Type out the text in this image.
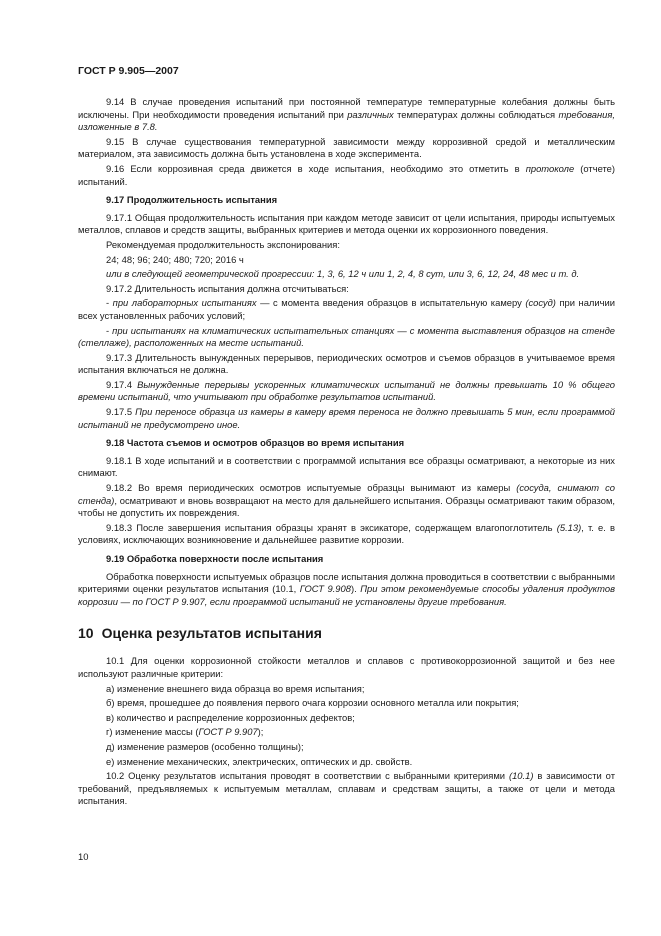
ГОСТ Р 9.905—2007

9.14 В случае проведения испытаний при постоянной температуре температурные колебания должны быть исключены. При необходимости проведения испытаний при различных температурах должны соблюдаться требования, изложенные в 7.8.

9.15 В случае существования температурной зависимости между коррозивной средой и металлическим материалом, эта зависимость должна быть установлена в ходе эксперимента.

9.16 Если коррозивная среда движется в ходе испытания, необходимо это отметить в протоколе (отчете) испытаний.

9.17 Продолжительность испытания

9.17.1 Общая продолжительность испытания при каждом методе зависит от цели испытания, природы испытуемых металлов, сплавов и средств защиты, выбранных критериев и метода оценки их коррозионного поведения.

Рекомендуемая продолжительность экспонирования:

24; 48; 96; 240; 480; 720; 2016 ч

или в следующей геометрической прогрессии: 1, 3, 6, 12 ч или 1, 2, 4, 8 сут, или 3, 6, 12, 24, 48 мес и т. д.

9.17.2 Длительность испытания должна отсчитываться:

- при лабораторных испытаниях — с момента введения образцов в испытательную камеру (сосуд) при наличии всех установленных рабочих условий;

- при испытаниях на климатических испытательных станциях — с момента выставления образцов на стенде (стеллаже), расположенных на месте испытаний.

9.17.3 Длительность вынужденных перерывов, периодических осмотров и съемов образцов в учитываемое время испытания включаться не должна.

9.17.4 Вынужденные перерывы ускоренных климатических испытаний не должны превышать 10 % общего времени испытаний, что учитывают при обработке результатов испытаний.

9.17.5 При переносе образца из камеры в камеру время переноса не должно превышать 5 мин, если программой испытаний не предусмотрено иное.

9.18 Частота съемов и осмотров образцов во время испытания

9.18.1 В ходе испытаний и в соответствии с программой испытания все образцы осматривают, а некоторые из них снимают.

9.18.2 Во время периодических осмотров испытуемые образцы вынимают из камеры (сосуда, снимают со стенда), осматривают и вновь возвращают на место для дальнейшего испытания. Образцы осматривают таким образом, чтобы не допустить их повреждения.

9.18.3 После завершения испытания образцы хранят в эксикаторе, содержащем влагопоглотитель (5.13), т. е. в условиях, исключающих возникновение и дальнейшее развитие коррозии.

9.19 Обработка поверхности после испытания

Обработка поверхности испытуемых образцов после испытания должна проводиться в соответствии с выбранными критериями оценки результатов испытания (10.1, ГОСТ 9.908). При этом рекомендуемые способы удаления продуктов коррозии — по ГОСТ Р 9.907, если программой испытаний не установлены другие требования.

10 Оценка результатов испытания

10.1 Для оценки коррозионной стойкости металлов и сплавов с противокоррозионной защитой и без нее используют различные критерии:

а) изменение внешнего вида образца во время испытания;

б) время, прошедшее до появления первого очага коррозии основного металла или покрытия;

в) количество и распределение коррозионных дефектов;

г) изменение массы (ГОСТ Р 9.907);

д) изменение размеров (особенно толщины);

е) изменение механических, электрических, оптических и др. свойств.

10.2 Оценку результатов испытания проводят в соответствии с выбранными критериями (10.1) в зависимости от требований, предъявляемых к испытуемым металлам, сплавам и средствам защиты, а также от цели и метода испытания.

10
